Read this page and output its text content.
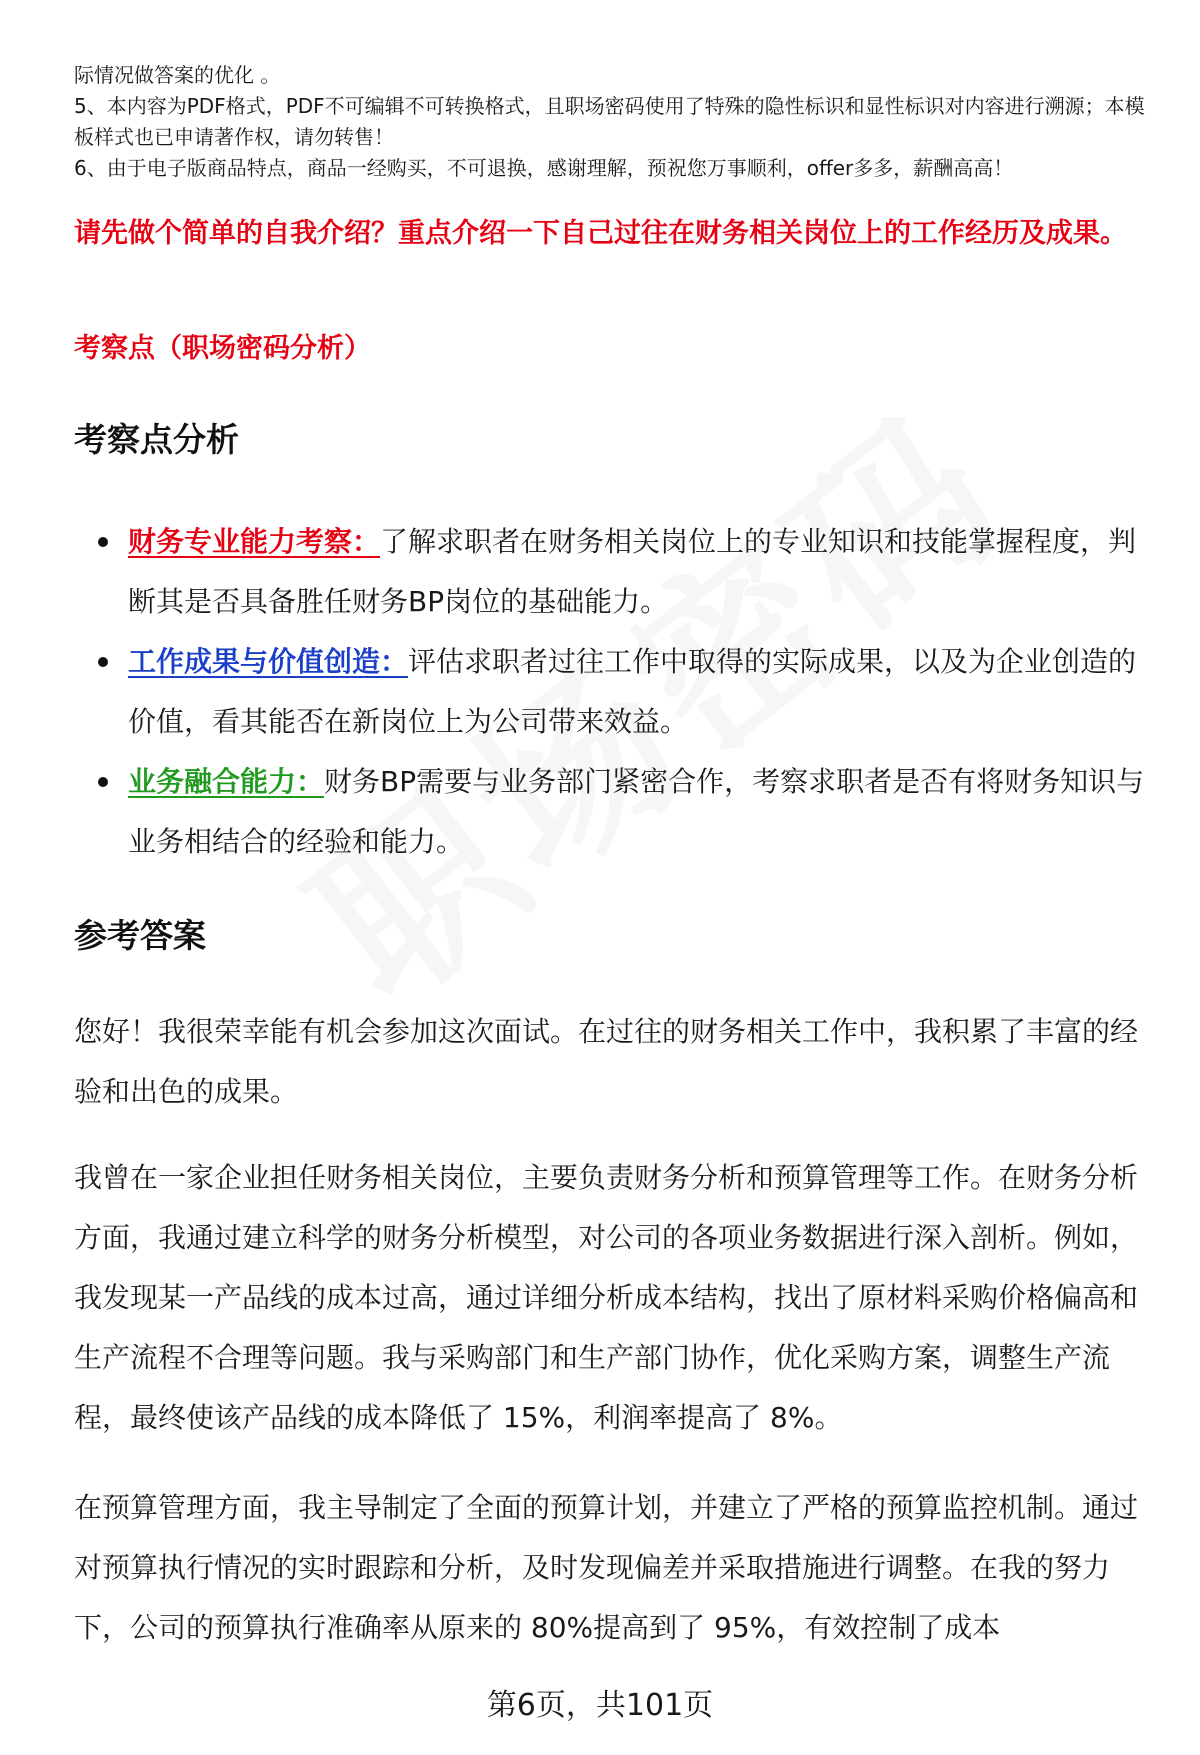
际情况做答案的优化 。

5、本内容为PDF格式，PDF不可编辑不可转换格式，且职场密码使用了特殊的隐性标识和显性标识对内容进行溯源；本模板样式也已申请著作权，请勿转售！

6、由于电子版商品特点，商品一经购买，不可退换，感谢理解，预祝您万事顺利，offer多多，薪酬高高！

请先做个简单的自我介绍？重点介绍一下自己过往在财务相关岗位上的工作经历及成果。

考察点（职场密码分析）

考察点分析
财务专业能力考察：了解求职者在财务相关岗位上的专业知识和技能掌握程度，判断其是否具备胜任财务BP岗位的基础能力。
工作成果与价值创造：评估求职者过往工作中取得的实际成果，以及为企业创造的价值，看其能否在新岗位上为公司带来效益。
业务融合能力：财务BP需要与业务部门紧密合作，考察求职者是否有将财务知识与业务相结合的经验和能力。
参考答案

您好！我很荣幸能有机会参加这次面试。在过往的财务相关工作中，我积累了丰富的经验和出色的成果。

我曾在一家企业担任财务相关岗位，主要负责财务分析和预算管理等工作。在财务分析方面，我通过建立科学的财务分析模型，对公司的各项业务数据进行深入剖析。例如，我发现某一产品线的成本过高，通过详细分析成本结构，找出了原材料采购价格偏高和生产流程不合理等问题。我与采购部门和生产部门协作，优化采购方案，调整生产流程，最终使该产品线的成本降低了 15%，利润率提高了 8%。

在预算管理方面，我主导制定了全面的预算计划，并建立了严格的预算监控机制。通过对预算执行情况的实时跟踪和分析，及时发现偏差并采取措施进行调整。在我的努力下，公司的预算执行准确率从原来的 80%提高到了 95%，有效控制了成本

第6页，共101页
